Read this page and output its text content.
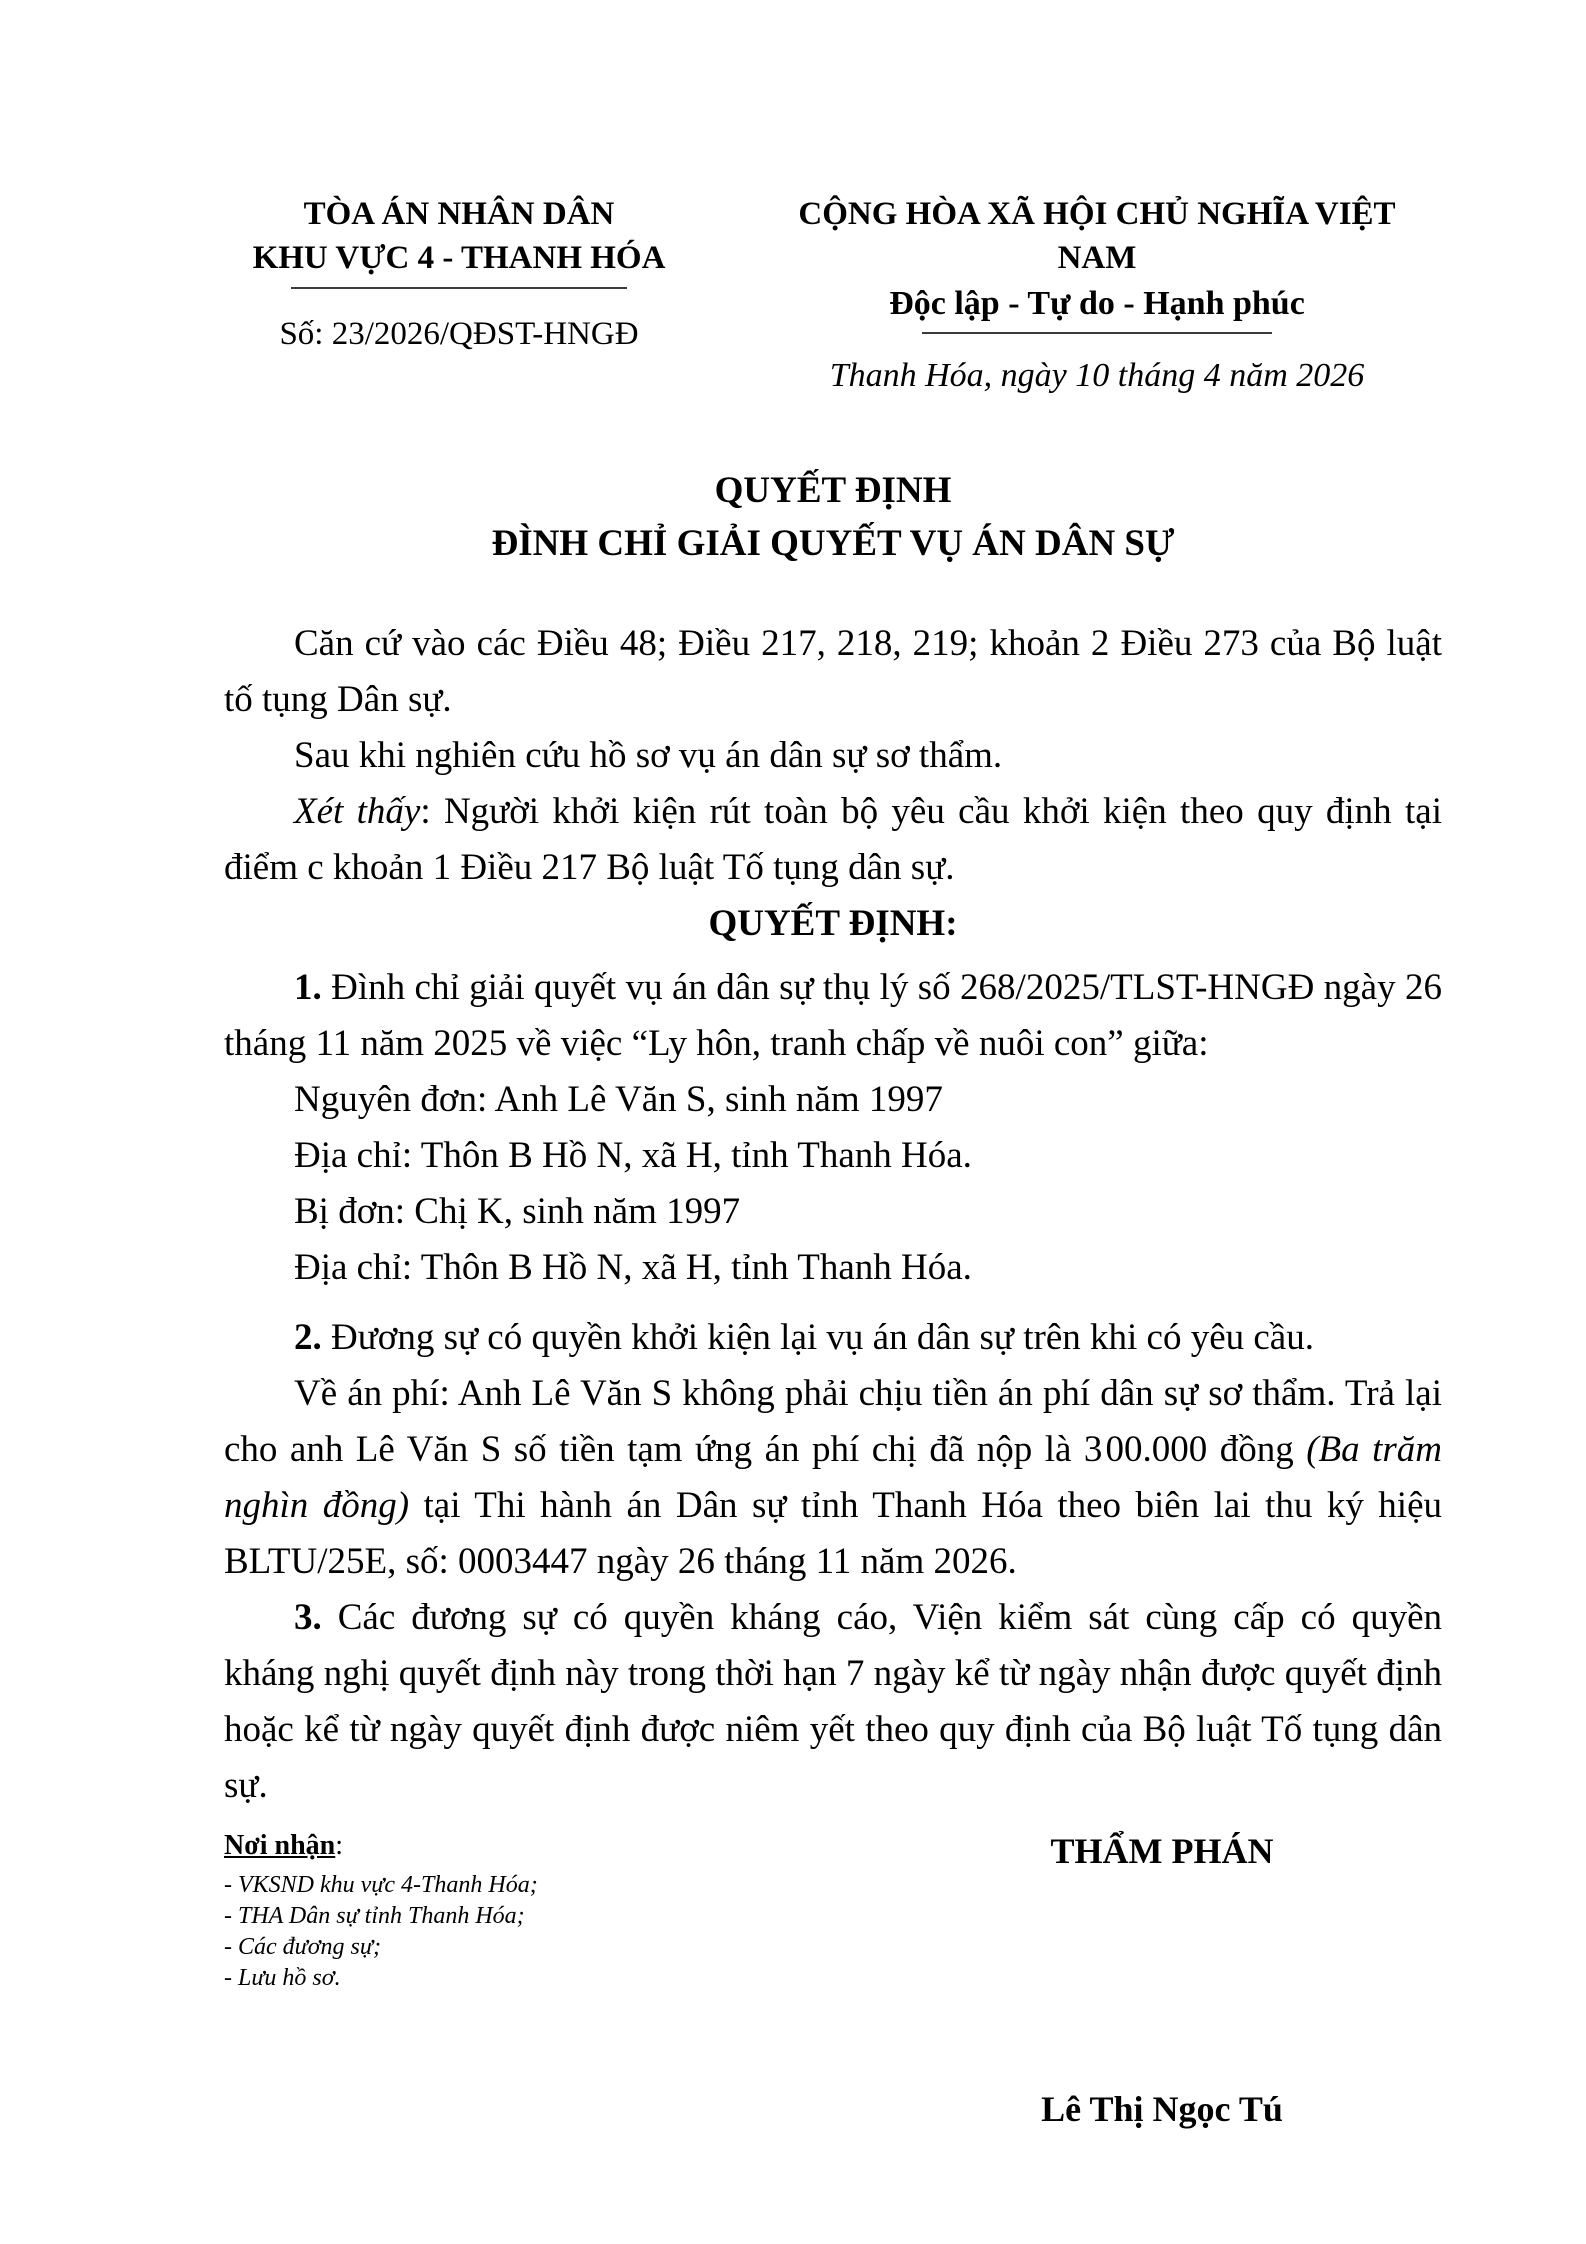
TÒA ÁN NHÂN DÂN
KHU VỰC 4 - THANH HÓA
Số: 23/2026/QĐST-HNGĐ
CỘNG HÒA XÃ HỘI CHỦ NGHĨA VIỆT NAM
Độc lập - Tự do - Hạnh phúc
Thanh Hóa, ngày 10 tháng 4 năm 2026
QUYẾT ĐỊNH
ĐÌNH CHỈ GIẢI QUYẾT VỤ ÁN DÂN SỰ

Căn cứ vào các Điều 48; Điều 217, 218, 219; khoản 2 Điều 273 của Bộ luật tố tụng Dân sự.

Sau khi nghiên cứu hồ sơ vụ án dân sự sơ thẩm.

Xét thấy: Người khởi kiện rút toàn bộ yêu cầu khởi kiện theo quy định tại điểm c khoản 1 Điều 217 Bộ luật Tố tụng dân sự.

QUYẾT ĐỊNH:

1. Đình chỉ giải quyết vụ án dân sự thụ lý số 268/2025/TLST-HNGĐ ngày 26 tháng 11 năm 2025 về việc “Ly hôn, tranh chấp về nuôi con” giữa:

Nguyên đơn: Anh Lê Văn S, sinh năm 1997

Địa chỉ: Thôn B Hồ N, xã H, tỉnh Thanh Hóa.

Bị đơn: Chị K, sinh năm 1997

Địa chỉ: Thôn B Hồ N, xã H, tỉnh Thanh Hóa.

2. Đương sự có quyền khởi kiện lại vụ án dân sự trên khi có yêu cầu.

Về án phí: Anh Lê Văn S không phải chịu tiền án phí dân sự sơ thẩm. Trả lại cho anh Lê Văn S số tiền tạm ứng án phí chị đã nộp là 3 00.000 đồng (Ba trăm nghìn đồng) tại Thi hành án Dân sự tỉnh Thanh Hóa theo biên lai thu ký hiệu BLTU/25E, số: 0003447 ngày 26 tháng 11 năm 2026.

3. Các đương sự có quyền kháng cáo, Viện kiểm sát cùng cấp có quyền kháng nghị quyết định này trong thời hạn 7 ngày kể từ ngày nhận được quyết định hoặc kể từ ngày quyết định được niêm yết theo quy định của Bộ luật Tố tụng dân sự.

Nơi nhận:
- VKSND khu vực 4-Thanh Hóa;
- THA Dân sự tỉnh Thanh Hóa;
- Các đương sự;
- Lưu hồ sơ.
THẨM PHÁN
Lê Thị Ngọc Tú
